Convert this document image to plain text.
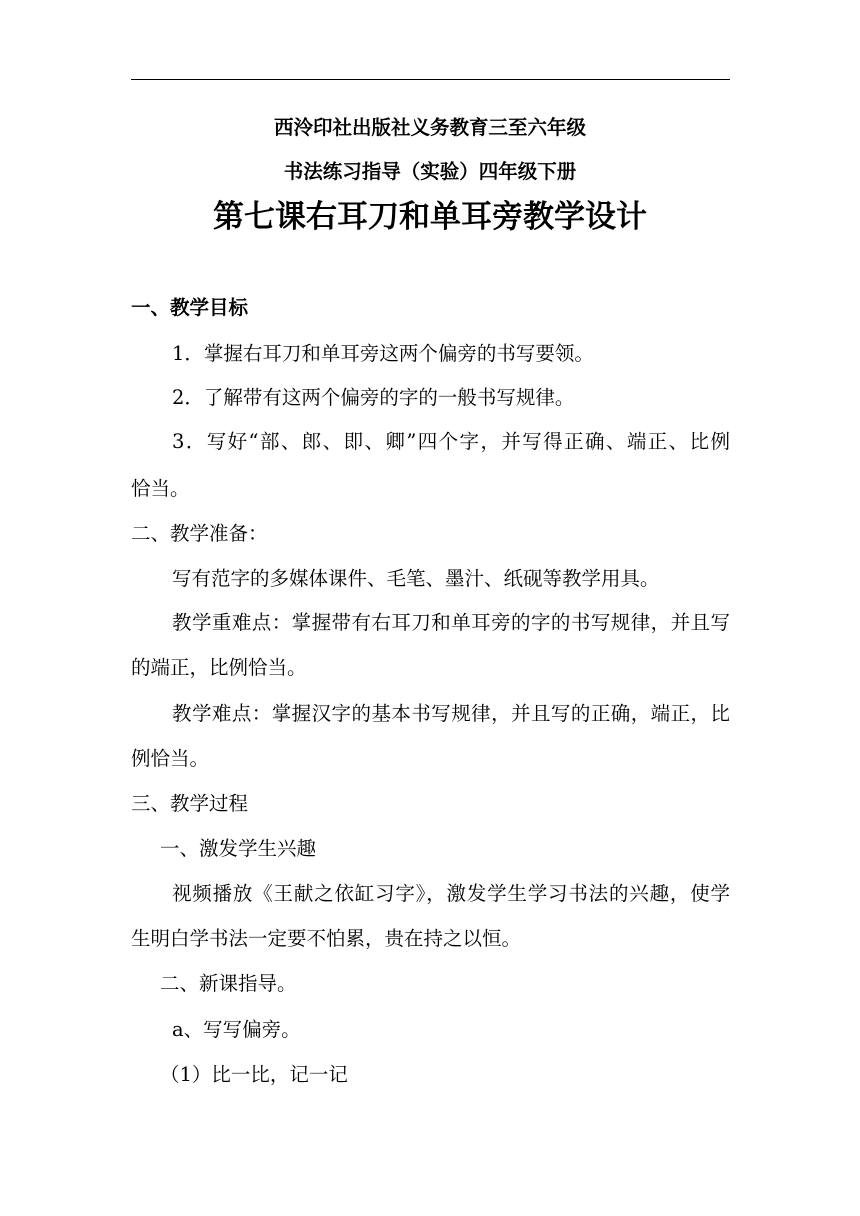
西泠印社出版社义务教育三至六年级
书法练习指导（实验）四年级下册
第七课右耳刀和单耳旁教学设计
一、教学目标
1．掌握右耳刀和单耳旁这两个偏旁的书写要领。
2．了解带有这两个偏旁的字的一般书写规律。
3．写好“部、郎、即、卿”四个字，并写得正确、端正、比例
恰当。
二、教学准备：
写有范字的多媒体课件、毛笔、墨汁、纸砚等教学用具。
教学重难点：掌握带有右耳刀和单耳旁的字的书写规律，并且写
的端正，比例恰当。
教学难点：掌握汉字的基本书写规律，并且写的正确，端正，比
例恰当。
三、教学过程
一、激发学生兴趣
视频播放《王献之依缸习字》，激发学生学习书法的兴趣，使学
生明白学书法一定要不怕累，贵在持之以恒。
二、新课指导。
a、写写偏旁。
（1）比一比，记一记
